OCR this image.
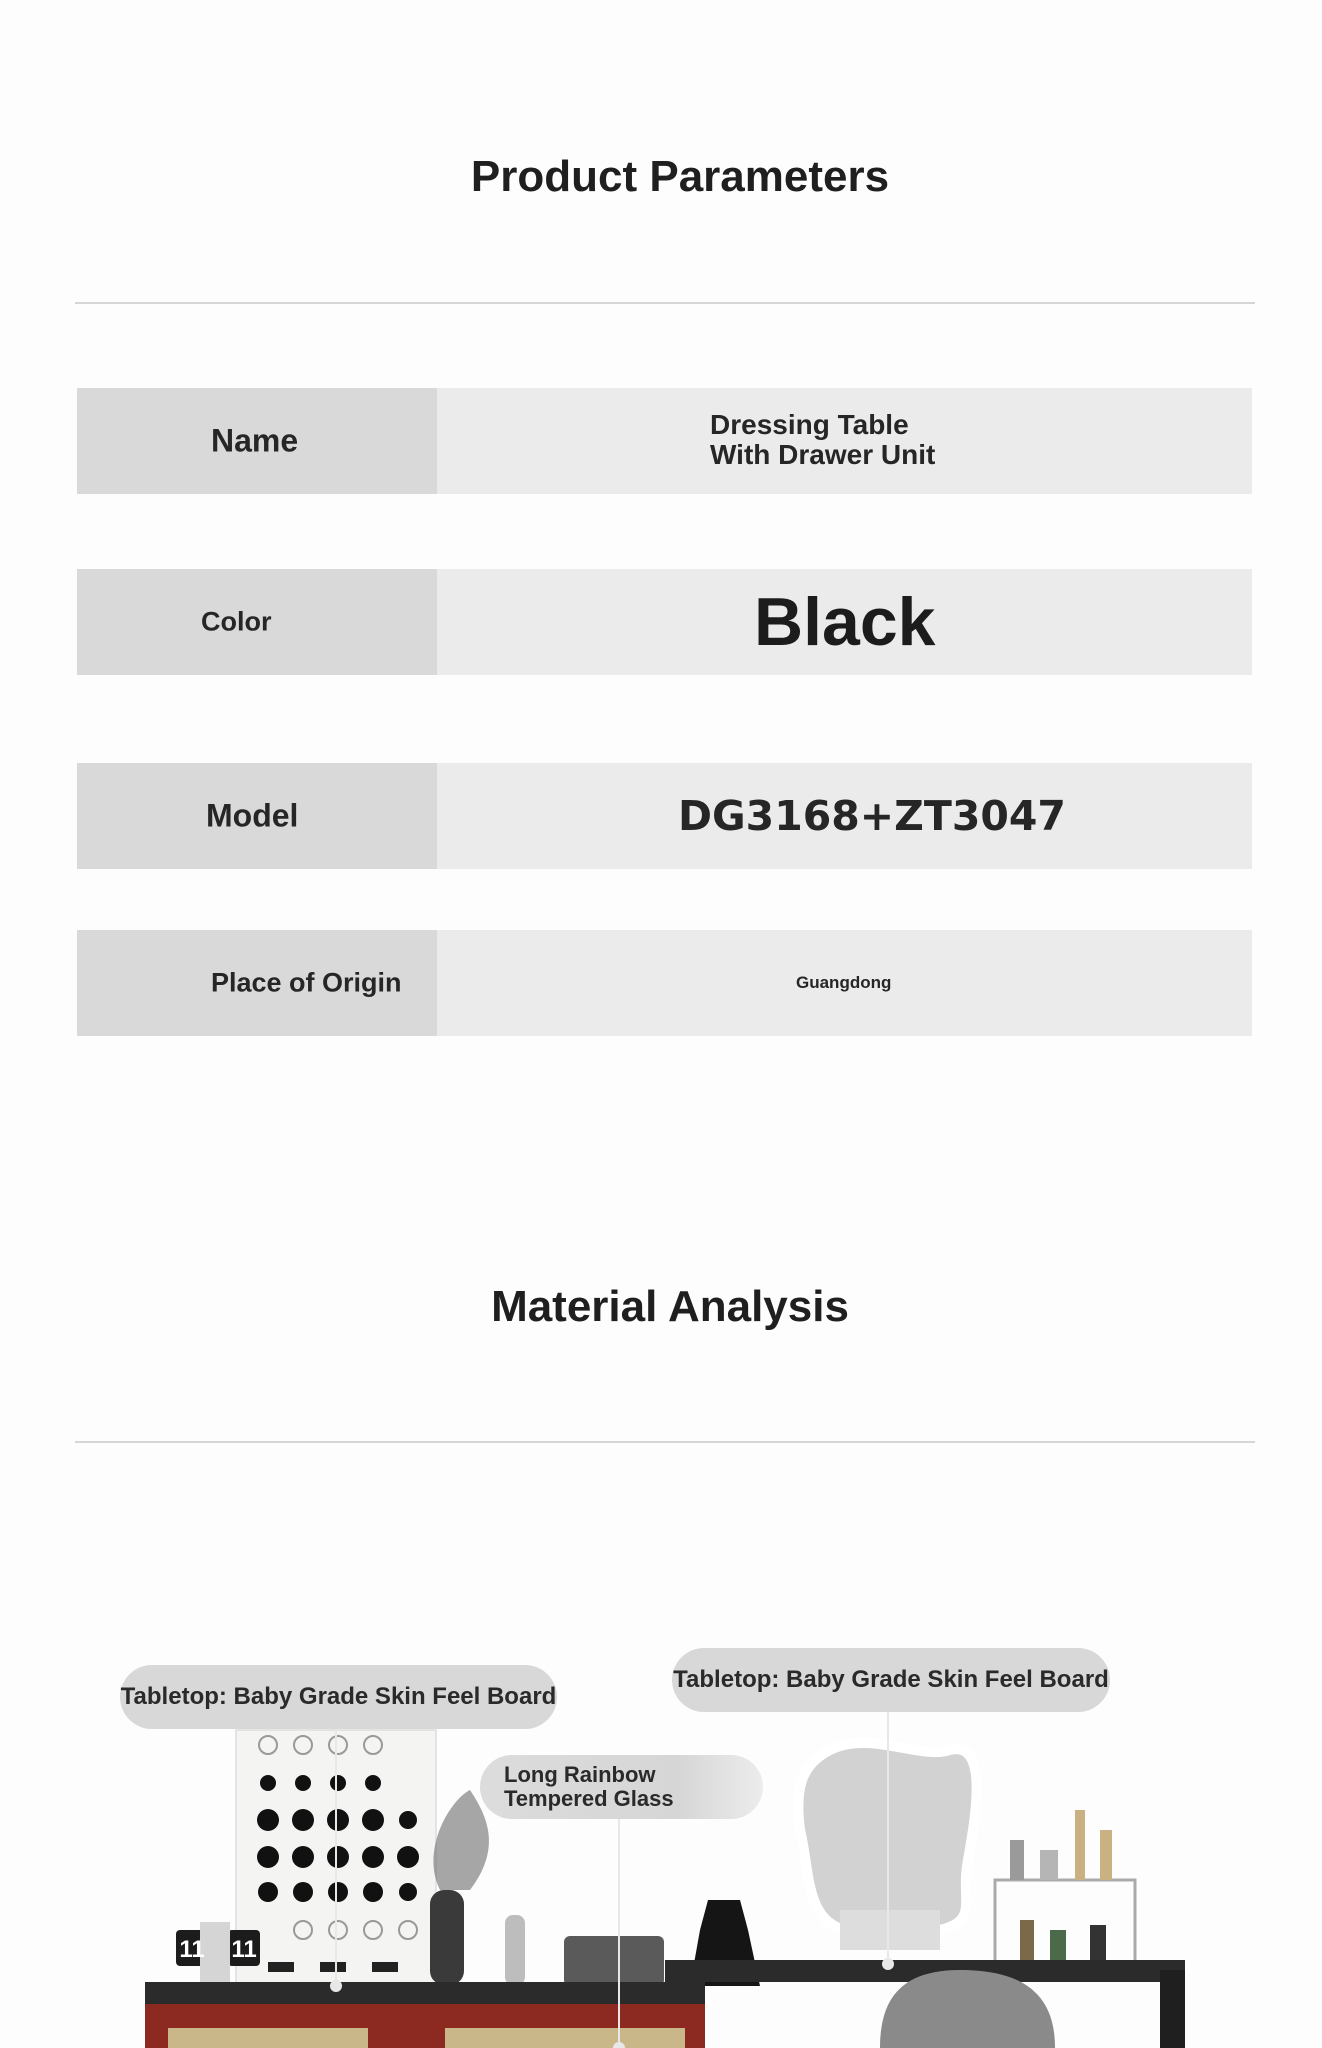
Product Parameters
Name	Dressing Table
With Drawer Unit
Color	Black
Model	DG3168+ZT3047
Place of Origin	Guangdong
Material Analysis
11 11
Tabletop: Baby Grade Skin Feel Board
Tabletop: Baby Grade Skin Feel Board
Long Rainbow
Tempered Glass
